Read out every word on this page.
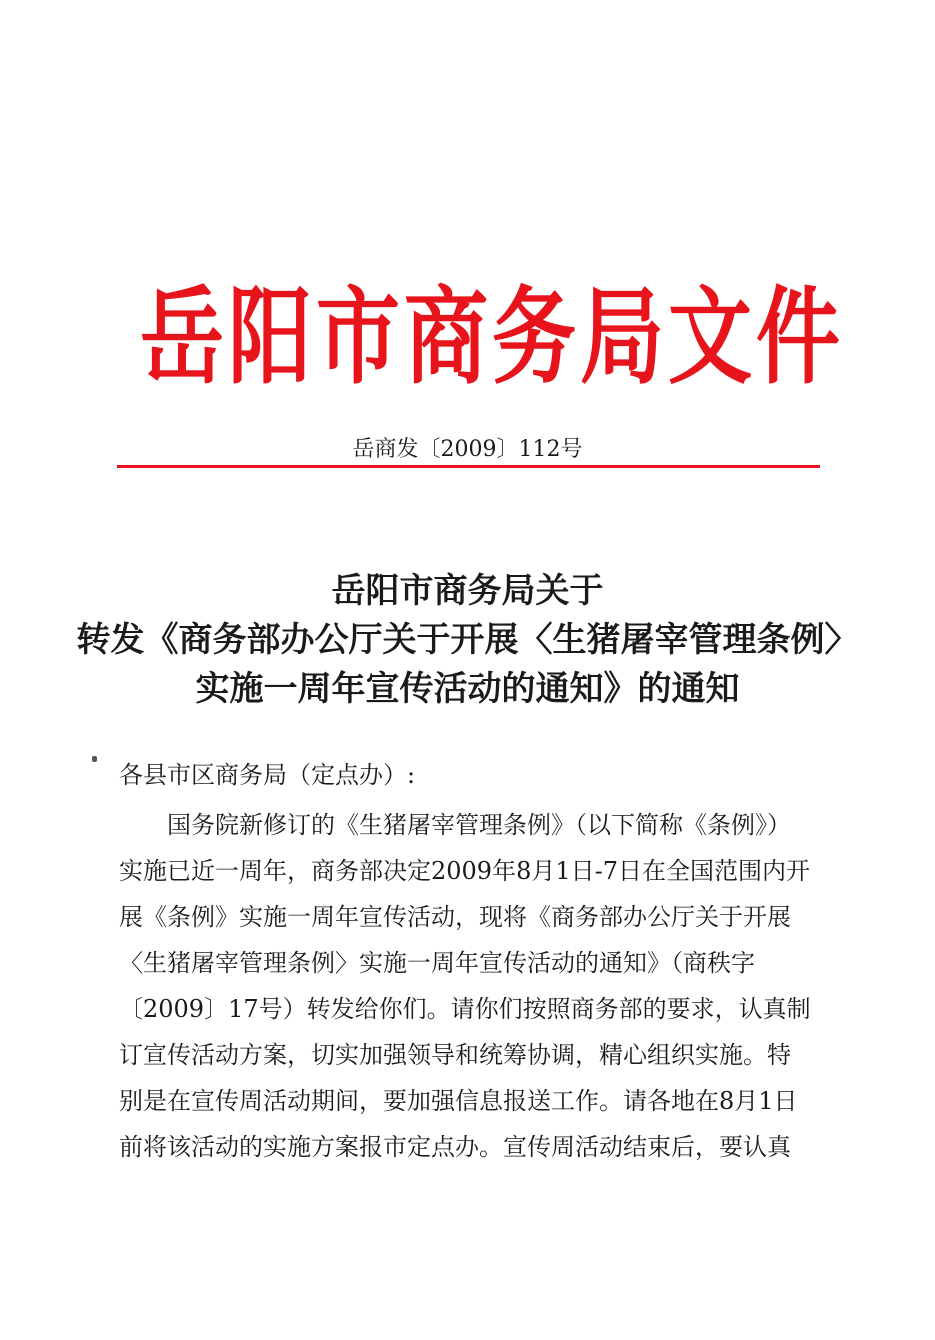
岳阳市商务局文件
岳商发〔2009〕112号
岳阳市商务局关于
转发《商务部办公厅关于开展〈生猪屠宰管理条例〉
实施一周年宣传活动的通知》的通知
各县市区商务局（定点办）:
　　国务院新修订的《生猪屠宰管理条例》（以下简称《条例》）
实施已近一周年，商务部决定2009年8月1日-7日在全国范围内开
展《条例》实施一周年宣传活动，现将《商务部办公厅关于开展
〈生猪屠宰管理条例〉实施一周年宣传活动的通知》（商秩字
〔2009〕17号）转发给你们。请你们按照商务部的要求，认真制
订宣传活动方案，切实加强领导和统筹协调，精心组织实施。特
别是在宣传周活动期间，要加强信息报送工作。请各地在8月1日
前将该活动的实施方案报市定点办。宣传周活动结束后，要认真
